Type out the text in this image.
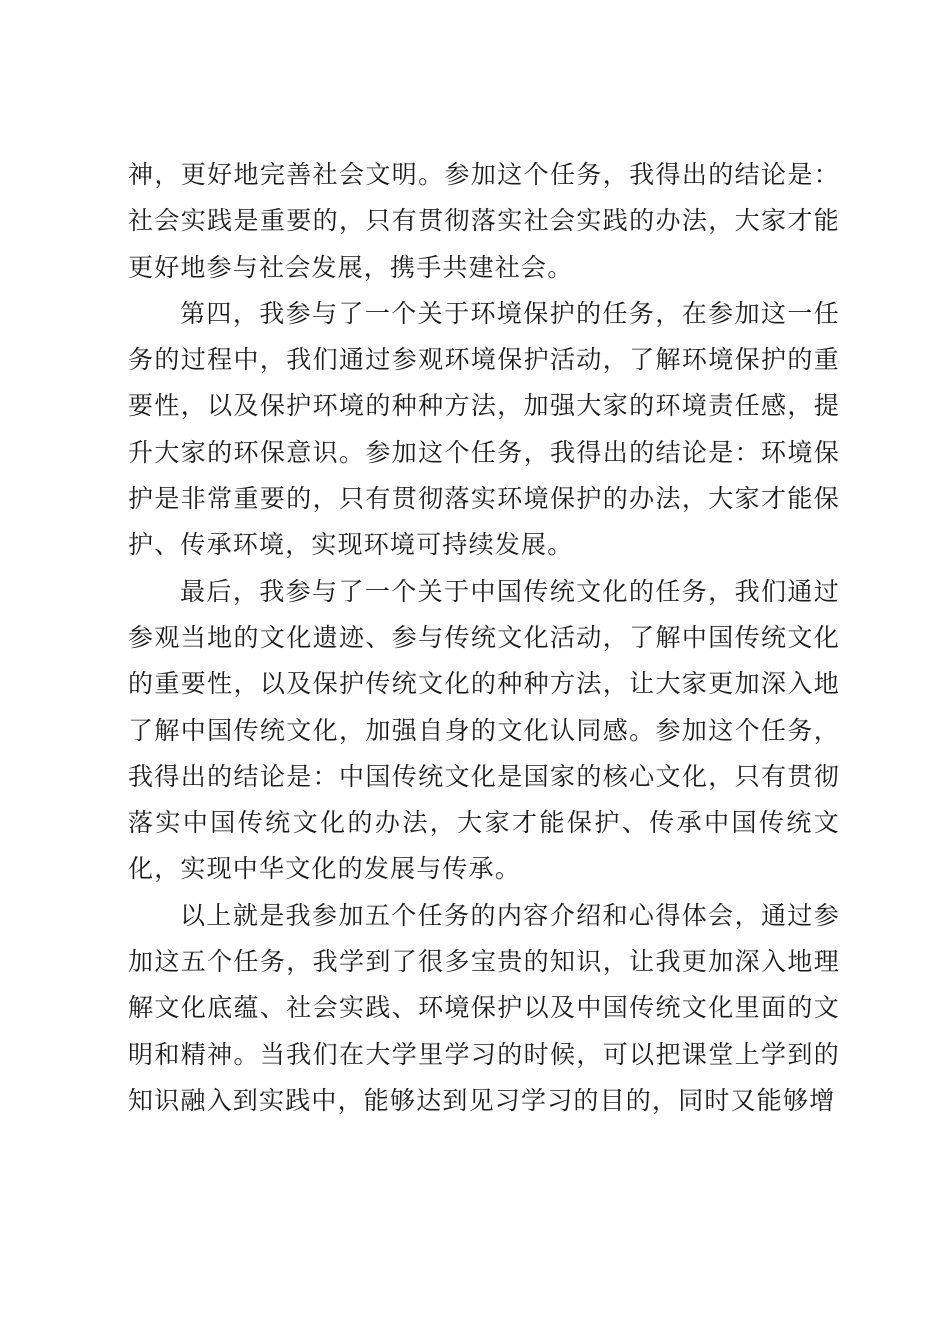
神，更好地完善社会文明。参加这个任务，我得出的结论是：社会实践是重要的，只有贯彻落实社会实践的办法，大家才能更好地参与社会发展，携手共建社会。

第四，我参与了一个关于环境保护的任务，在参加这一任务的过程中，我们通过参观环境保护活动，了解环境保护的重要性，以及保护环境的种种方法，加强大家的环境责任感，提升大家的环保意识。参加这个任务，我得出的结论是：环境保护是非常重要的，只有贯彻落实环境保护的办法，大家才能保护、传承环境，实现环境可持续发展。

最后，我参与了一个关于中国传统文化的任务，我们通过参观当地的文化遗迹、参与传统文化活动，了解中国传统文化的重要性，以及保护传统文化的种种方法，让大家更加深入地了解中国传统文化，加强自身的文化认同感。参加这个任务，我得出的结论是：中国传统文化是国家的核心文化，只有贯彻落实中国传统文化的办法，大家才能保护、传承中国传统文化，实现中华文化的发展与传承。

以上就是我参加五个任务的内容介绍和心得体会，通过参加这五个任务，我学到了很多宝贵的知识，让我更加深入地理解文化底蕴、社会实践、环境保护以及中国传统文化里面的文明和精神。当我们在大学里学习的时候，可以把课堂上学到的知识融入到实践中，能够达到见习学习的目的，同时又能够增
